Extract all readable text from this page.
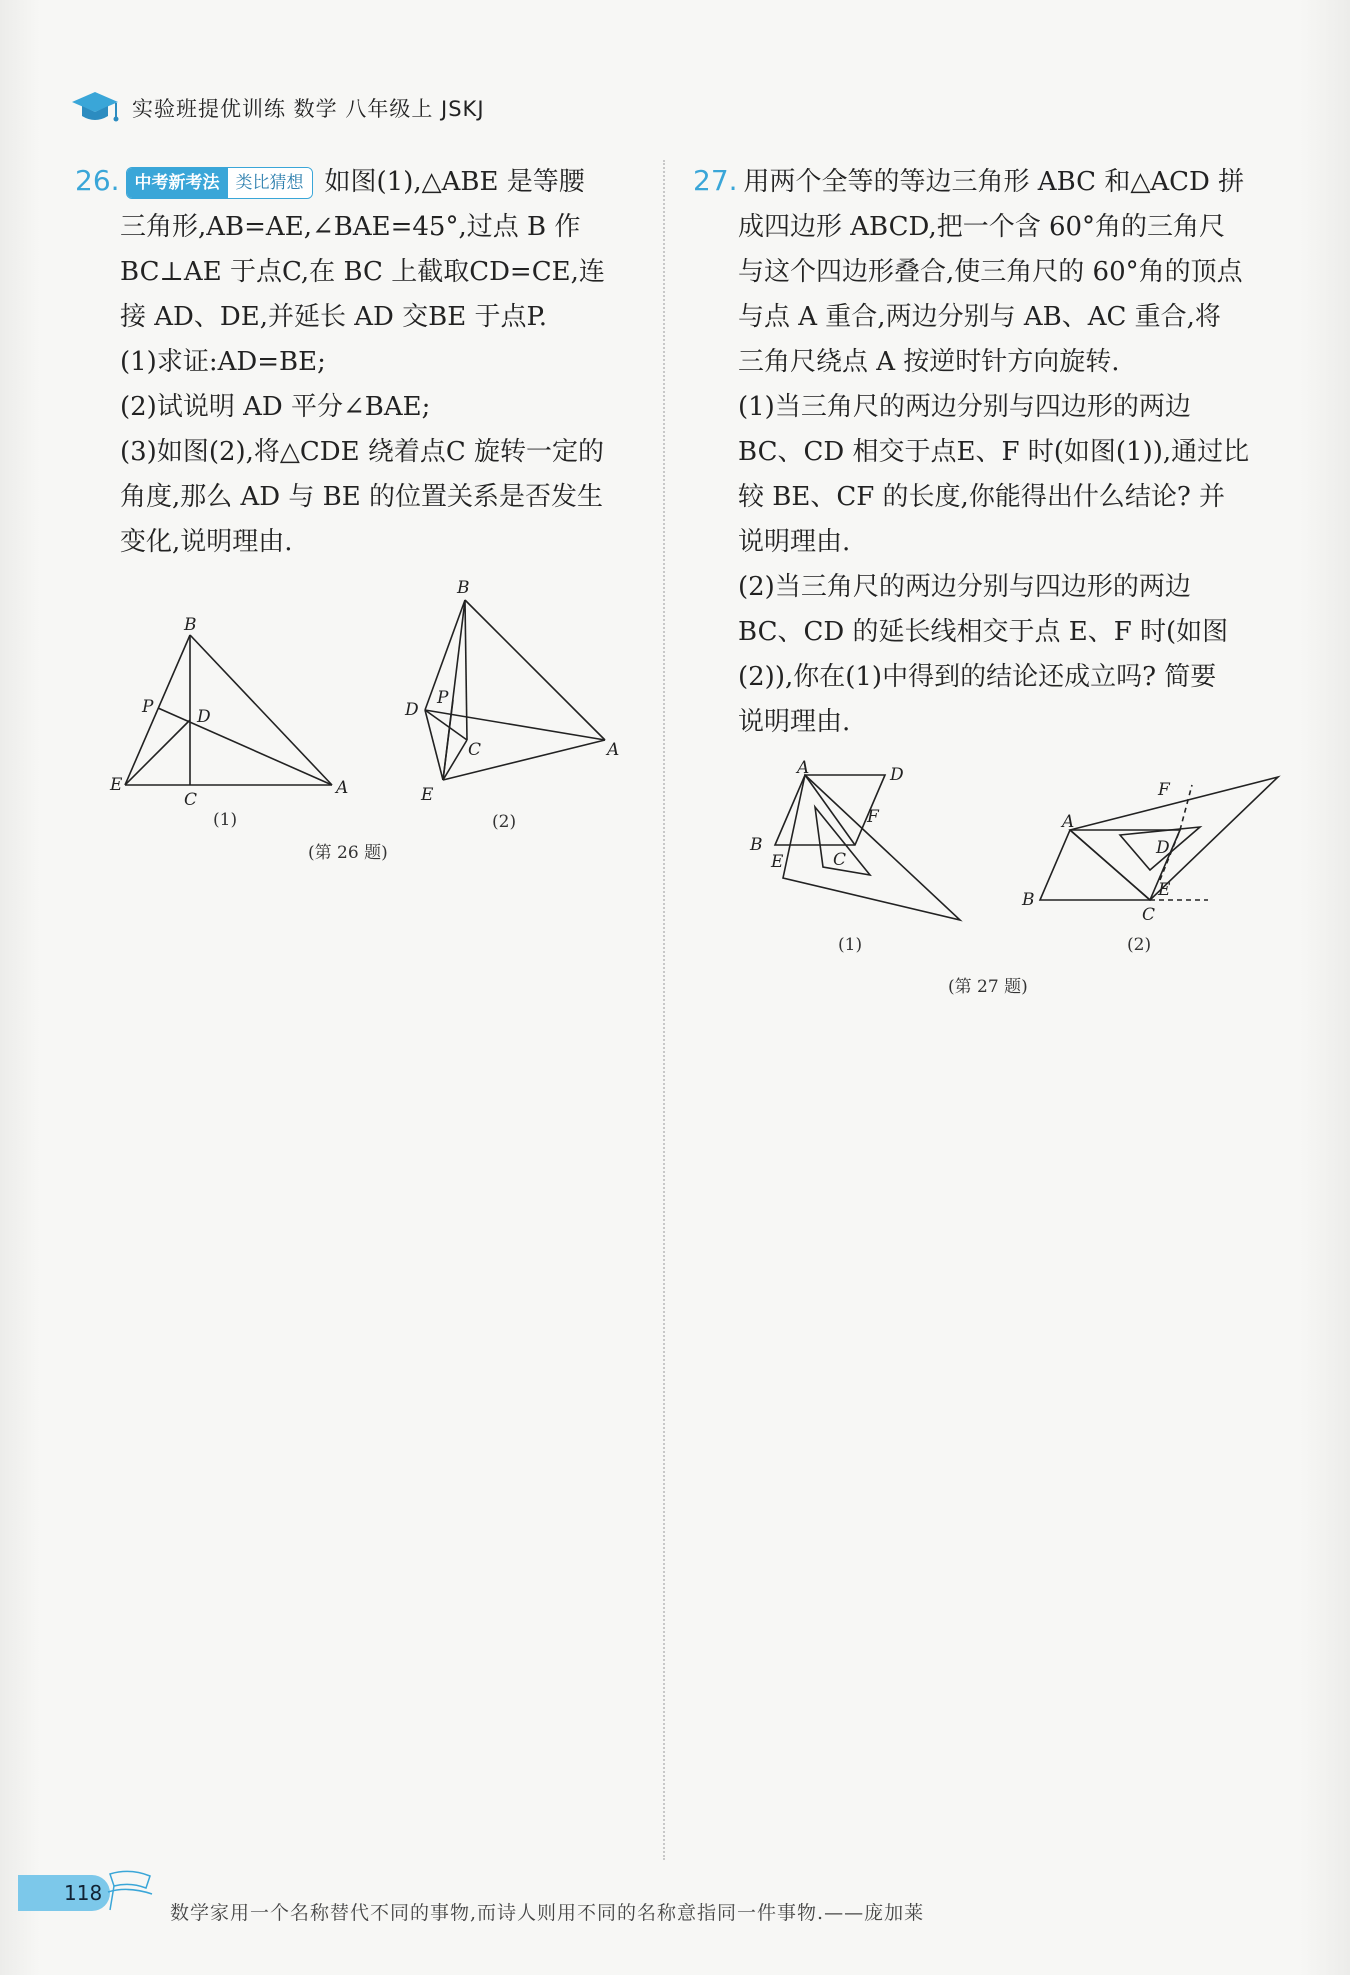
实验班提优训练 数学 八年级上 JSKJ
26. 中考新考法 类比猜想 如图(1),△ABE 是等腰
三角形,AB=AE,∠BAE=45°,过点 B 作
BC⊥AE 于点C,在 BC 上截取CD=CE,连
接 AD、DE,并延长 AD 交BE 于点P.
(1)求证:AD=BE;
(2)试说明 AD 平分∠BAE;
(3)如图(2),将△CDE 绕着点C 旋转一定的
角度,那么 AD 与 BE 的位置关系是否发生
变化,说明理由.
B
P	D
E
C
A
(1)
B
P
D
C	A
E
(2)
(第 26 题)
27. 用两个全等的等边三角形 ABC 和△ACD 拼
成四边形 ABCD,把一个含 60°角的三角尺
与这个四边形叠合,使三角尺的 60°角的顶点
与点 A 重合,两边分别与 AB、AC 重合,将
三角尺绕点 A 按逆时针方向旋转.
(1)当三角尺的两边分别与四边形的两边
BC、CD 相交于点E、F 时(如图(1)),通过比
较 BE、CF 的长度,你能得出什么结论? 并
说明理由.
(2)当三角尺的两边分别与四边形的两边
BC、CD 的延长线相交于点 E、F 时(如图
(2)),你在(1)中得到的结论还成立吗? 简要
说明理由.
A	D
F
B
E	C
(1)
A
D
F
B
C
E
(2)
(第 27 题)
118
数学家用一个名称替代不同的事物,而诗人则用不同的名称意指同一件事物.——庞加莱
